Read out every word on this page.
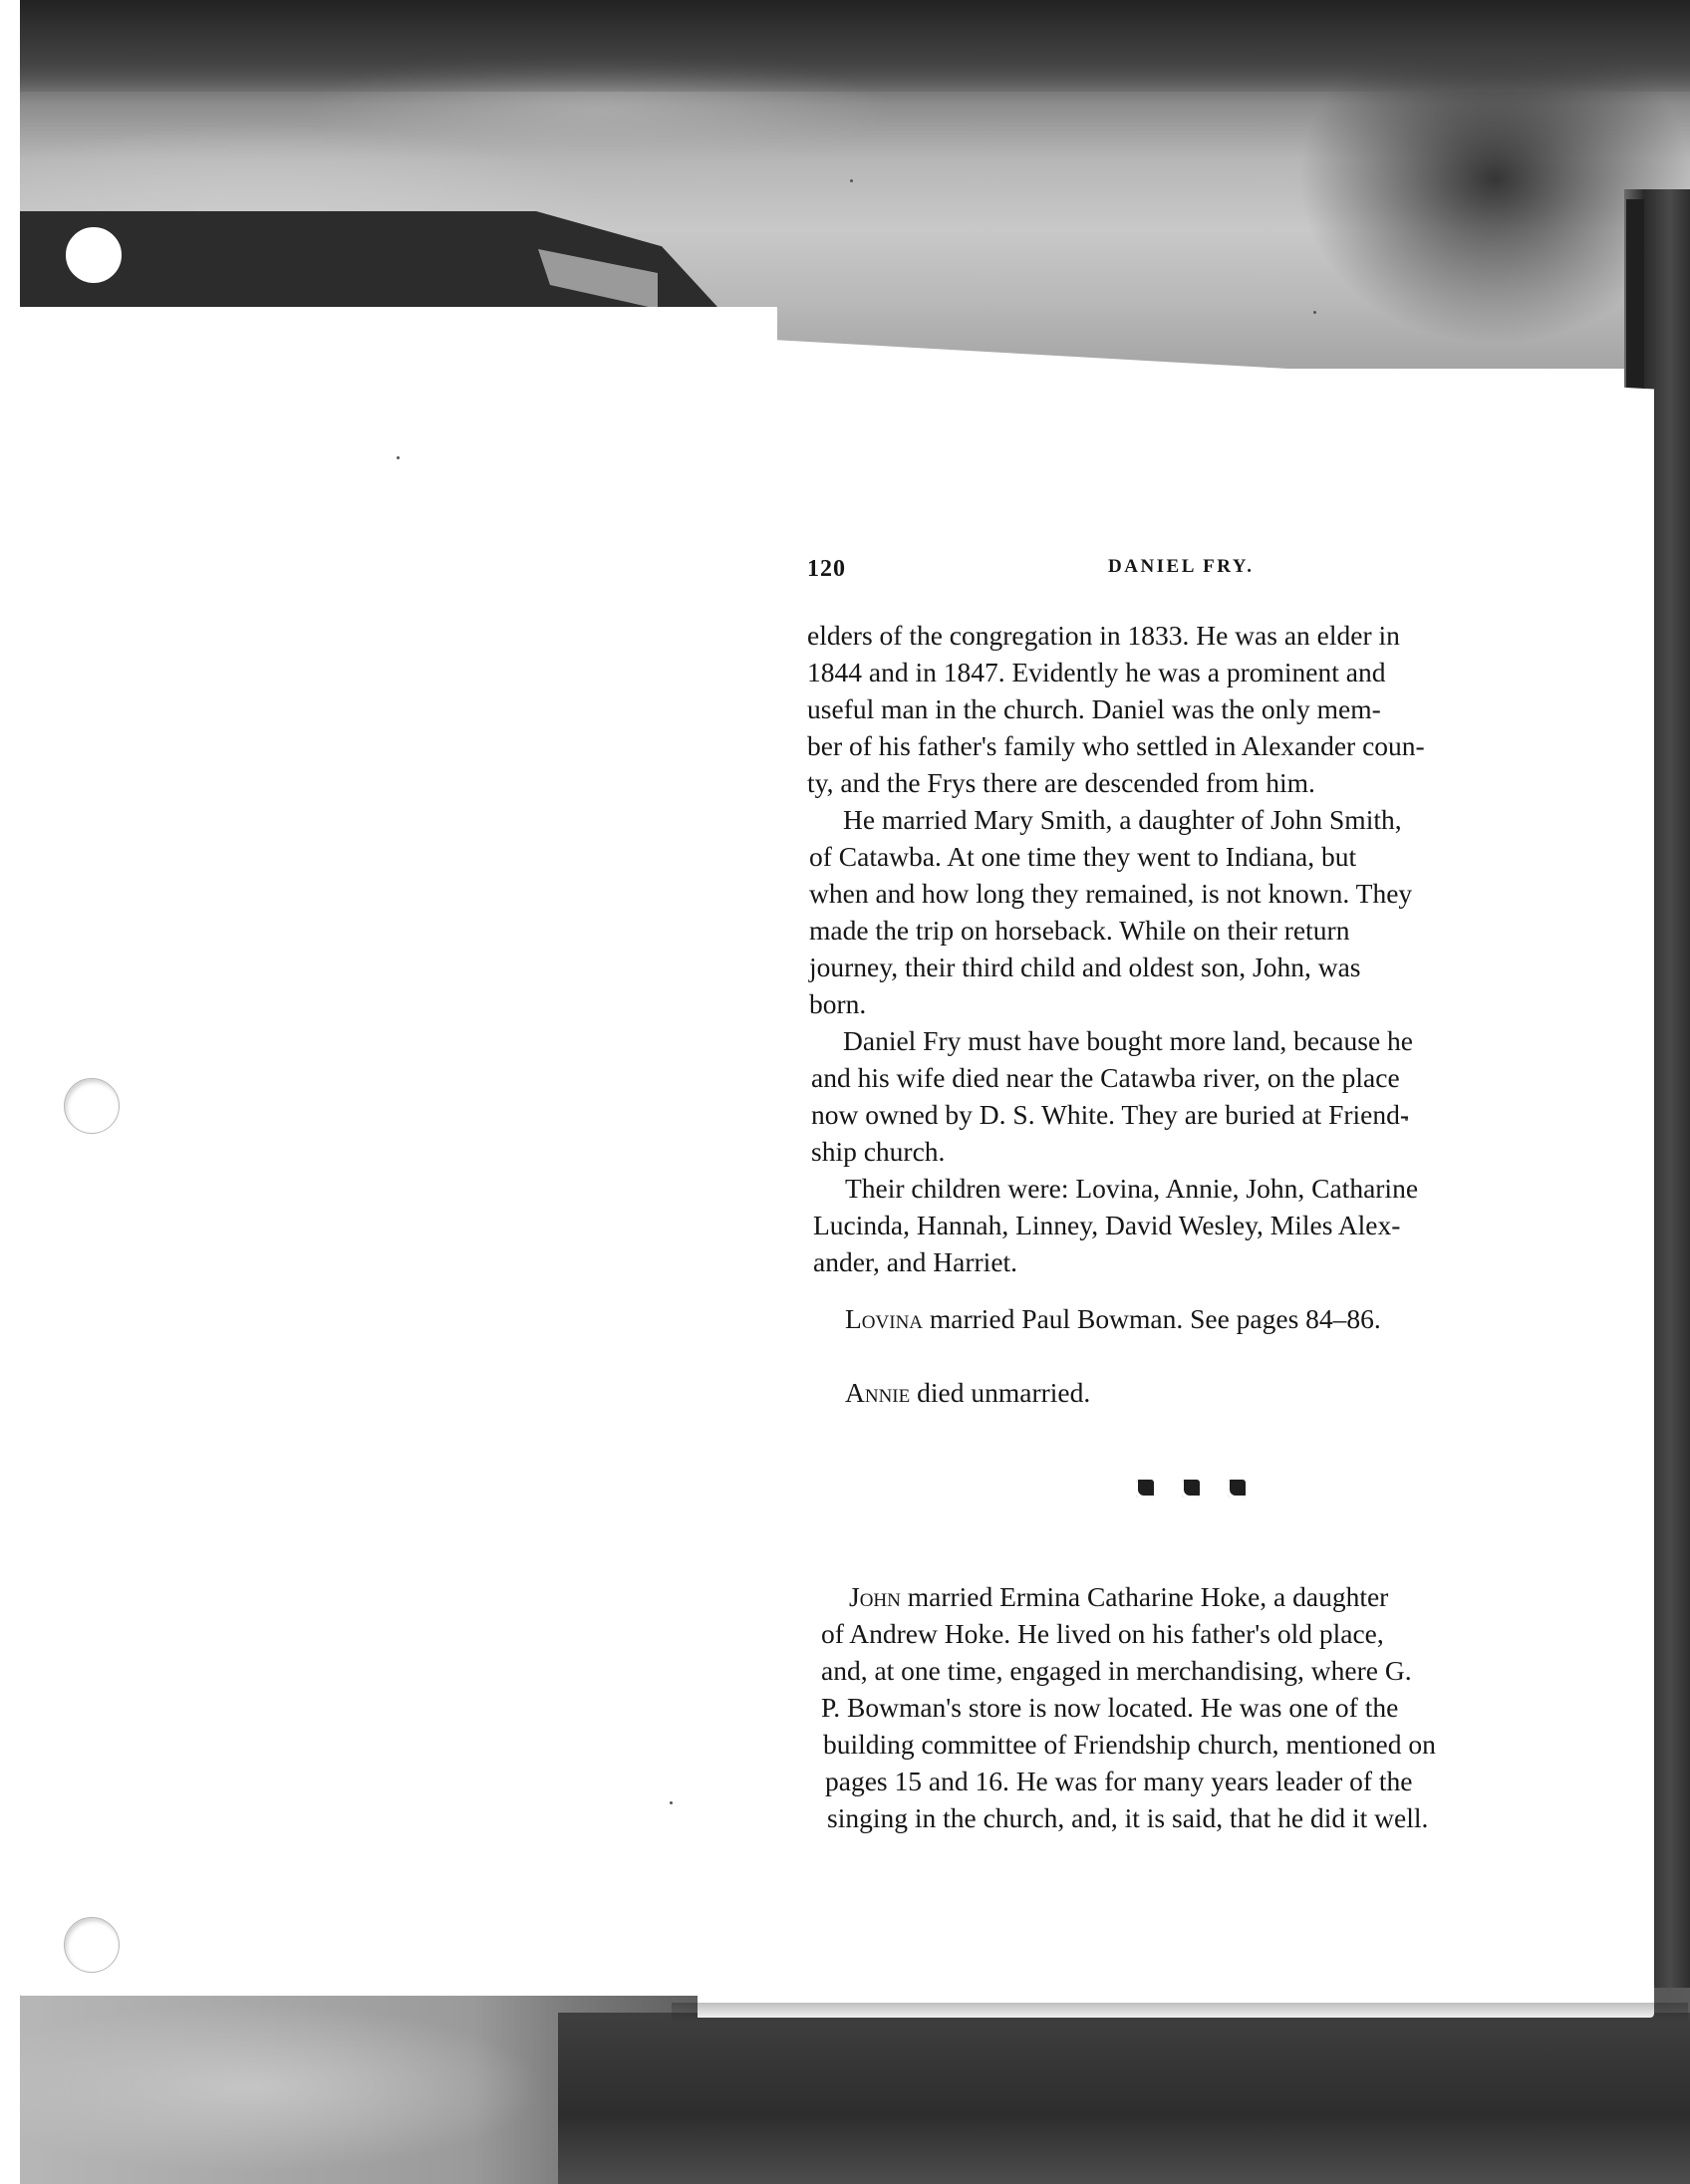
120	DANIEL FRY.
elders of the congregation in 1833. He was an elder in
1844 and in 1847. Evidently he was a prominent and
useful man in the church. Daniel was the only mem-
ber of his father's family who settled in Alexander coun-
ty, and the Frys there are descended from him.
He married Mary Smith, a daughter of John Smith,
of Catawba. At one time they went to Indiana, but
when and how long they remained, is not known. They
made the trip on horseback. While on their return
journey, their third child and oldest son, John, was
born.
Daniel Fry must have bought more land, because he
and his wife died near the Catawba river, on the place
now owned by D. S. White. They are buried at Friend-
ship church.
Their children were: Lovina, Annie, John, Catharine
Lucinda, Hannah, Linney, David Wesley, Miles Alex-
ander, and Harriet.
Lovina married Paul Bowman. See pages 84–86.
Annie died unmarried.
John married Ermina Catharine Hoke, a daughter
of Andrew Hoke. He lived on his father's old place,
and, at one time, engaged in merchandising, where G.
P. Bowman's store is now located. He was one of the
building committee of Friendship church, mentioned on
pages 15 and 16. He was for many years leader of the
singing in the church, and, it is said, that he did it well.
